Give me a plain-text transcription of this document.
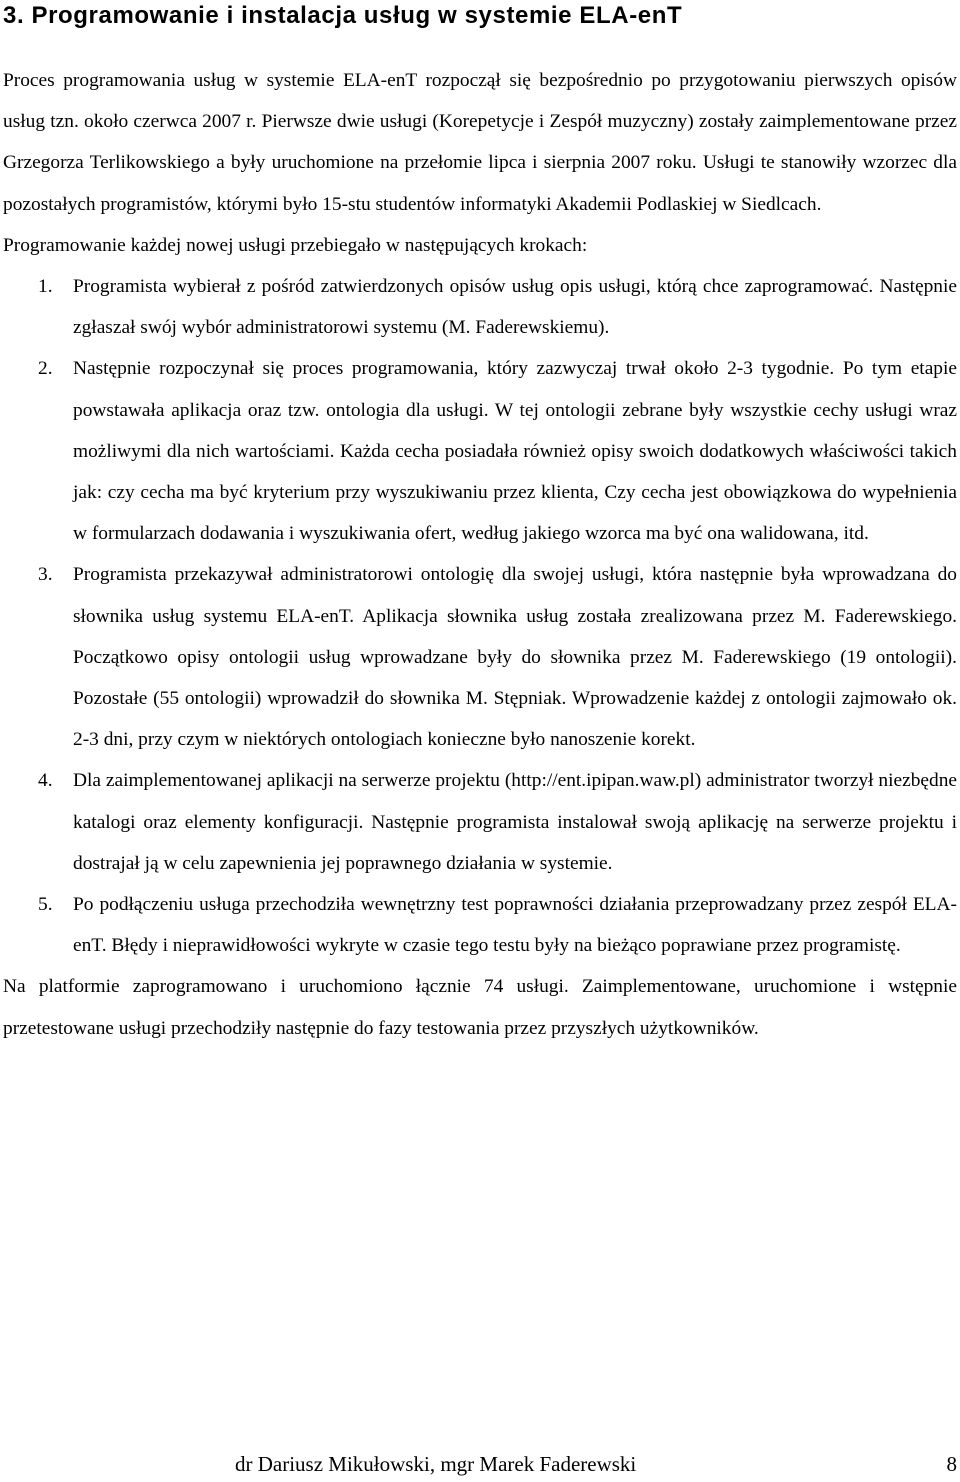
3. Programowanie i instalacja usług w systemie ELA-enT

Proces programowania usług w systemie ELA-enT rozpoczął się bezpośrednio po przygotowaniu pierwszych opisów usług tzn. około czerwca 2007 r. Pierwsze dwie usługi (Korepetycje i Zespół muzyczny) zostały zaimplementowane przez Grzegorza Terlikowskiego a były uruchomione na przełomie lipca i sierpnia 2007 roku. Usługi te stanowiły wzorzec dla pozostałych programistów, którymi było 15-stu studentów informatyki Akademii Podlaskiej w Siedlcach.

Programowanie każdej nowej usługi przebiegało w następujących krokach:

1. Programista wybierał z pośród zatwierdzonych opisów usług opis usługi, którą chce zaprogramować. Następnie zgłaszał swój wybór administratorowi systemu (M. Faderewskiemu).
2. Następnie rozpoczynał się proces programowania, który zazwyczaj trwał około 2-3 tygodnie. Po tym etapie powstawała aplikacja oraz tzw. ontologia dla usługi. W tej ontologii zebrane były wszystkie cechy usługi wraz możliwymi dla nich wartościami. Każda cecha posiadała również opisy swoich dodatkowych właściwości takich jak: czy cecha ma być kryterium przy wyszukiwaniu przez klienta, Czy cecha jest obowiązkowa do wypełnienia w formularzach dodawania i wyszukiwania ofert, według jakiego wzorca ma być ona walidowana, itd.
3. Programista przekazywał administratorowi ontologię dla swojej usługi, która następnie była wprowadzana do słownika usług systemu ELA-enT. Aplikacja słownika usług została zrealizowana przez M. Faderewskiego. Początkowo opisy ontologii usług wprowadzane były do słownika przez M. Faderewskiego (19 ontologii). Pozostałe (55 ontologii) wprowadził do słownika M. Stępniak. Wprowadzenie każdej z ontologii zajmowało ok. 2-3 dni, przy czym w niektórych ontologiach konieczne było nanoszenie korekt.
4. Dla zaimplementowanej aplikacji na serwerze projektu (http://ent.ipipan.waw.pl) administrator tworzył niezbędne katalogi oraz elementy konfiguracji. Następnie programista instalował swoją aplikację na serwerze projektu i dostrajał ją w celu zapewnienia jej poprawnego działania w systemie.
5. Po podłączeniu usługa przechodziła wewnętrzny test poprawności działania przeprowadzany przez zespół ELA-enT. Błędy i nieprawidłowości wykryte w czasie tego testu były na bieżąco poprawiane przez programistę.

Na platformie zaprogramowano i uruchomiono łącznie 74 usługi. Zaimplementowane, uruchomione i wstępnie przetestowane usługi przechodziły następnie do fazy testowania przez przyszłych użytkowników.

dr Dariusz Mikułowski, mgr Marek Faderewski	8
